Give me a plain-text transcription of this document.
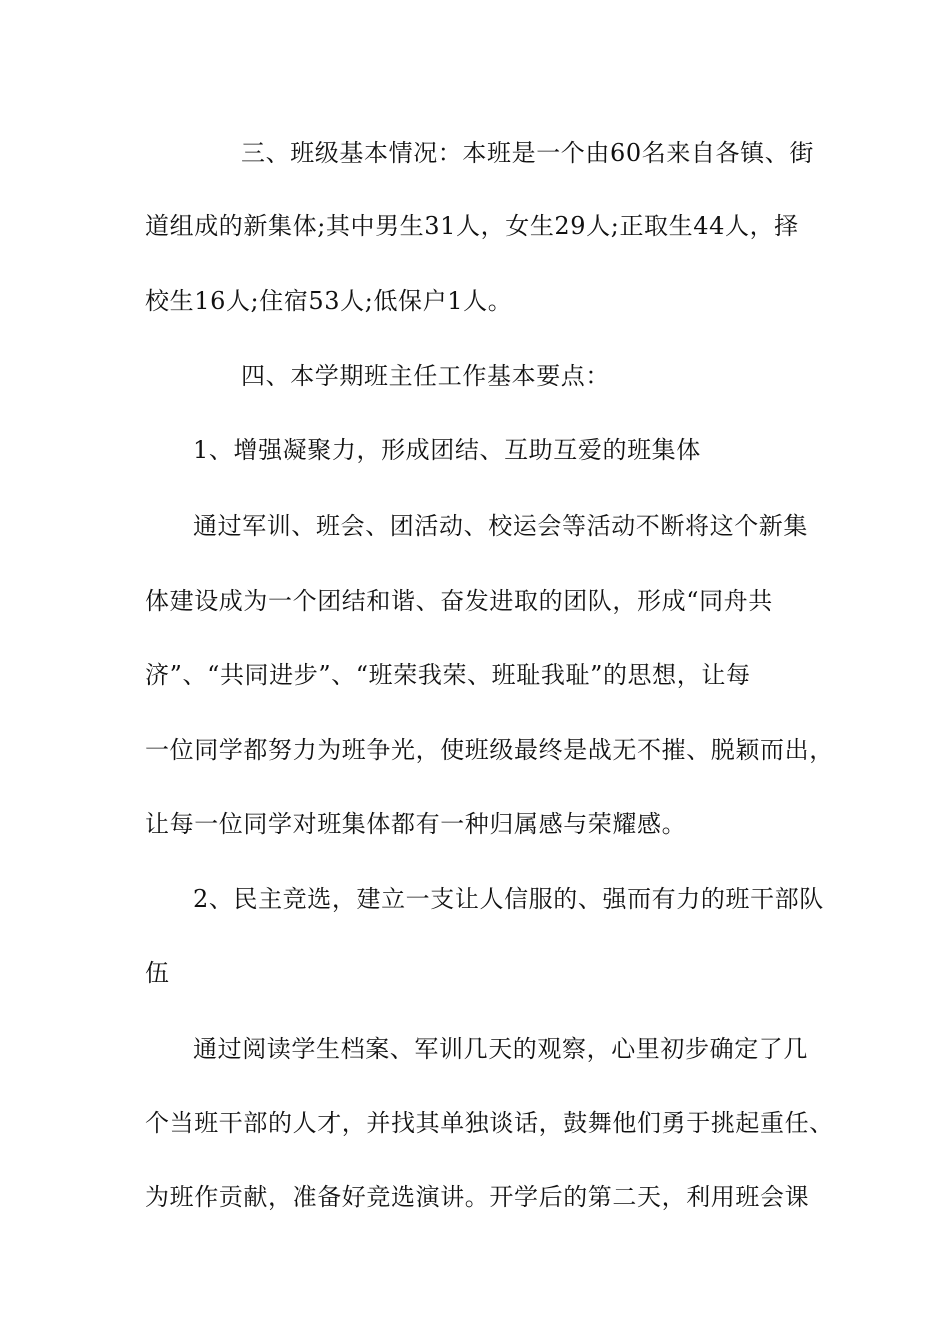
三、班级基本情况：本班是一个由60名来自各镇、街
道组成的新集体;其中男生31人，女生29人;正取生44人，择
校生16人;住宿53人;低保户1人。
四、本学期班主任工作基本要点：
1、增强凝聚力，形成团结、互助互爱的班集体
通过军训、班会、团活动、校运会等活动不断将这个新集
体建设成为一个团结和谐、奋发进取的团队，形成“同舟共
济”、“共同进步”、“班荣我荣、班耻我耻”的思想，让每
一位同学都努力为班争光，使班级最终是战无不摧、脱颖而出，
让每一位同学对班集体都有一种归属感与荣耀感。
2、民主竞选，建立一支让人信服的、强而有力的班干部队
伍
通过阅读学生档案、军训几天的观察，心里初步确定了几
个当班干部的人才，并找其单独谈话，鼓舞他们勇于挑起重任、
为班作贡献，准备好竞选演讲。开学后的第二天，利用班会课
